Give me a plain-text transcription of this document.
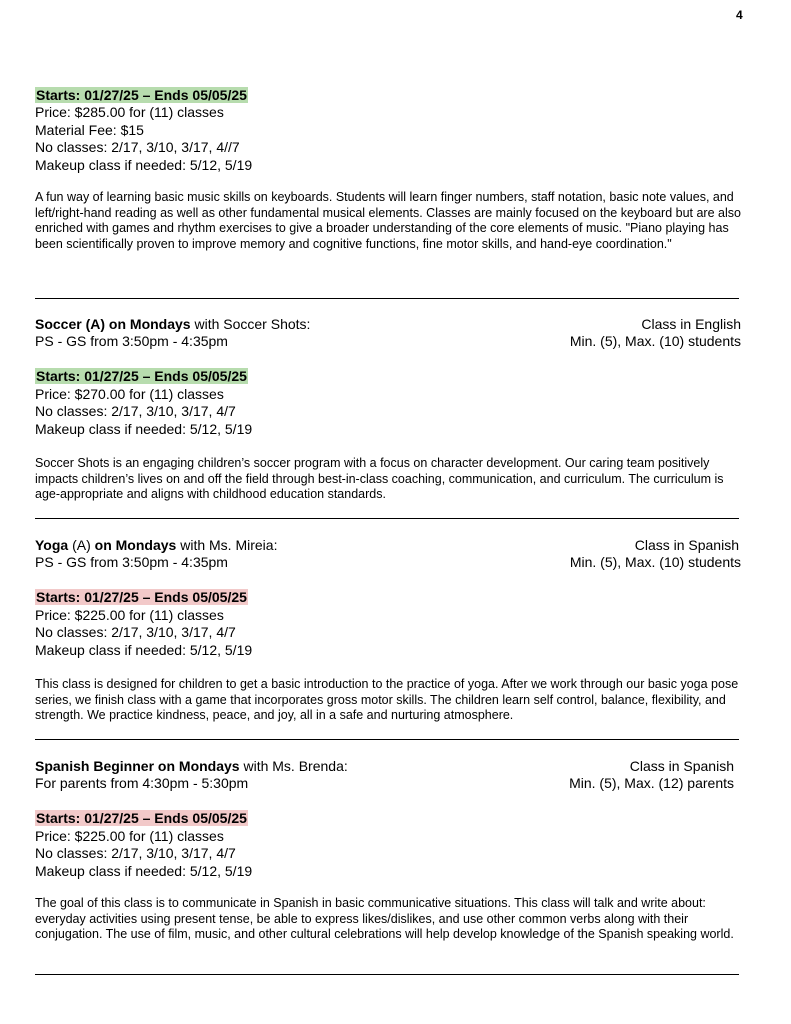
4
Starts: 01/27/25 – Ends 05/05/25
Price: $285.00 for (11) classes
Material Fee: $15
No classes: 2/17, 3/10, 3/17, 4//7
Makeup class if needed: 5/12, 5/19
A fun way of learning basic music skills on keyboards. Students will learn finger numbers, staff notation, basic note values, and left/right-hand reading as well as other fundamental musical elements. Classes are mainly focused on the keyboard but are also enriched with games and rhythm exercises to give a broader understanding of the core elements of music. "Piano playing has been scientifically proven to improve memory and cognitive functions, fine motor skills, and hand-eye coordination."
Soccer (A) on Mondays with Soccer Shots:	Class in English
PS - GS from 3:50pm - 4:35pm	Min. (5), Max. (10) students
Starts: 01/27/25 – Ends 05/05/25
Price: $270.00 for (11) classes
No classes: 2/17, 3/10, 3/17, 4/7
Makeup class if needed: 5/12, 5/19
Soccer Shots is an engaging children’s soccer program with a focus on character development. Our caring team positively impacts children’s lives on and off the field through best-in-class coaching, communication, and curriculum. The curriculum is age-appropriate and aligns with childhood education standards.
Yoga (A) on Mondays with Ms. Mireia:	Class in Spanish
PS - GS from 3:50pm - 4:35pm	Min. (5), Max. (10) students
Starts: 01/27/25 – Ends 05/05/25
Price: $225.00 for (11) classes
No classes: 2/17, 3/10, 3/17, 4/7
Makeup class if needed: 5/12, 5/19
This class is designed for children to get a basic introduction to the practice of yoga. After we work through our basic yoga pose series, we finish class with a game that incorporates gross motor skills. The children learn self control, balance, flexibility, and strength. We practice kindness, peace, and joy, all in a safe and nurturing atmosphere.
Spanish Beginner on Mondays with Ms. Brenda:	Class in Spanish
For parents from 4:30pm - 5:30pm	Min. (5), Max. (12) parents
Starts: 01/27/25 – Ends 05/05/25
Price: $225.00 for (11) classes
No classes: 2/17, 3/10, 3/17, 4/7
Makeup class if needed: 5/12, 5/19
The goal of this class is to communicate in Spanish in basic communicative situations. This class will talk and write about: everyday activities using present tense, be able to express likes/dislikes, and use other common verbs along with their conjugation. The use of film, music, and other cultural celebrations will help develop knowledge of the Spanish speaking world.
